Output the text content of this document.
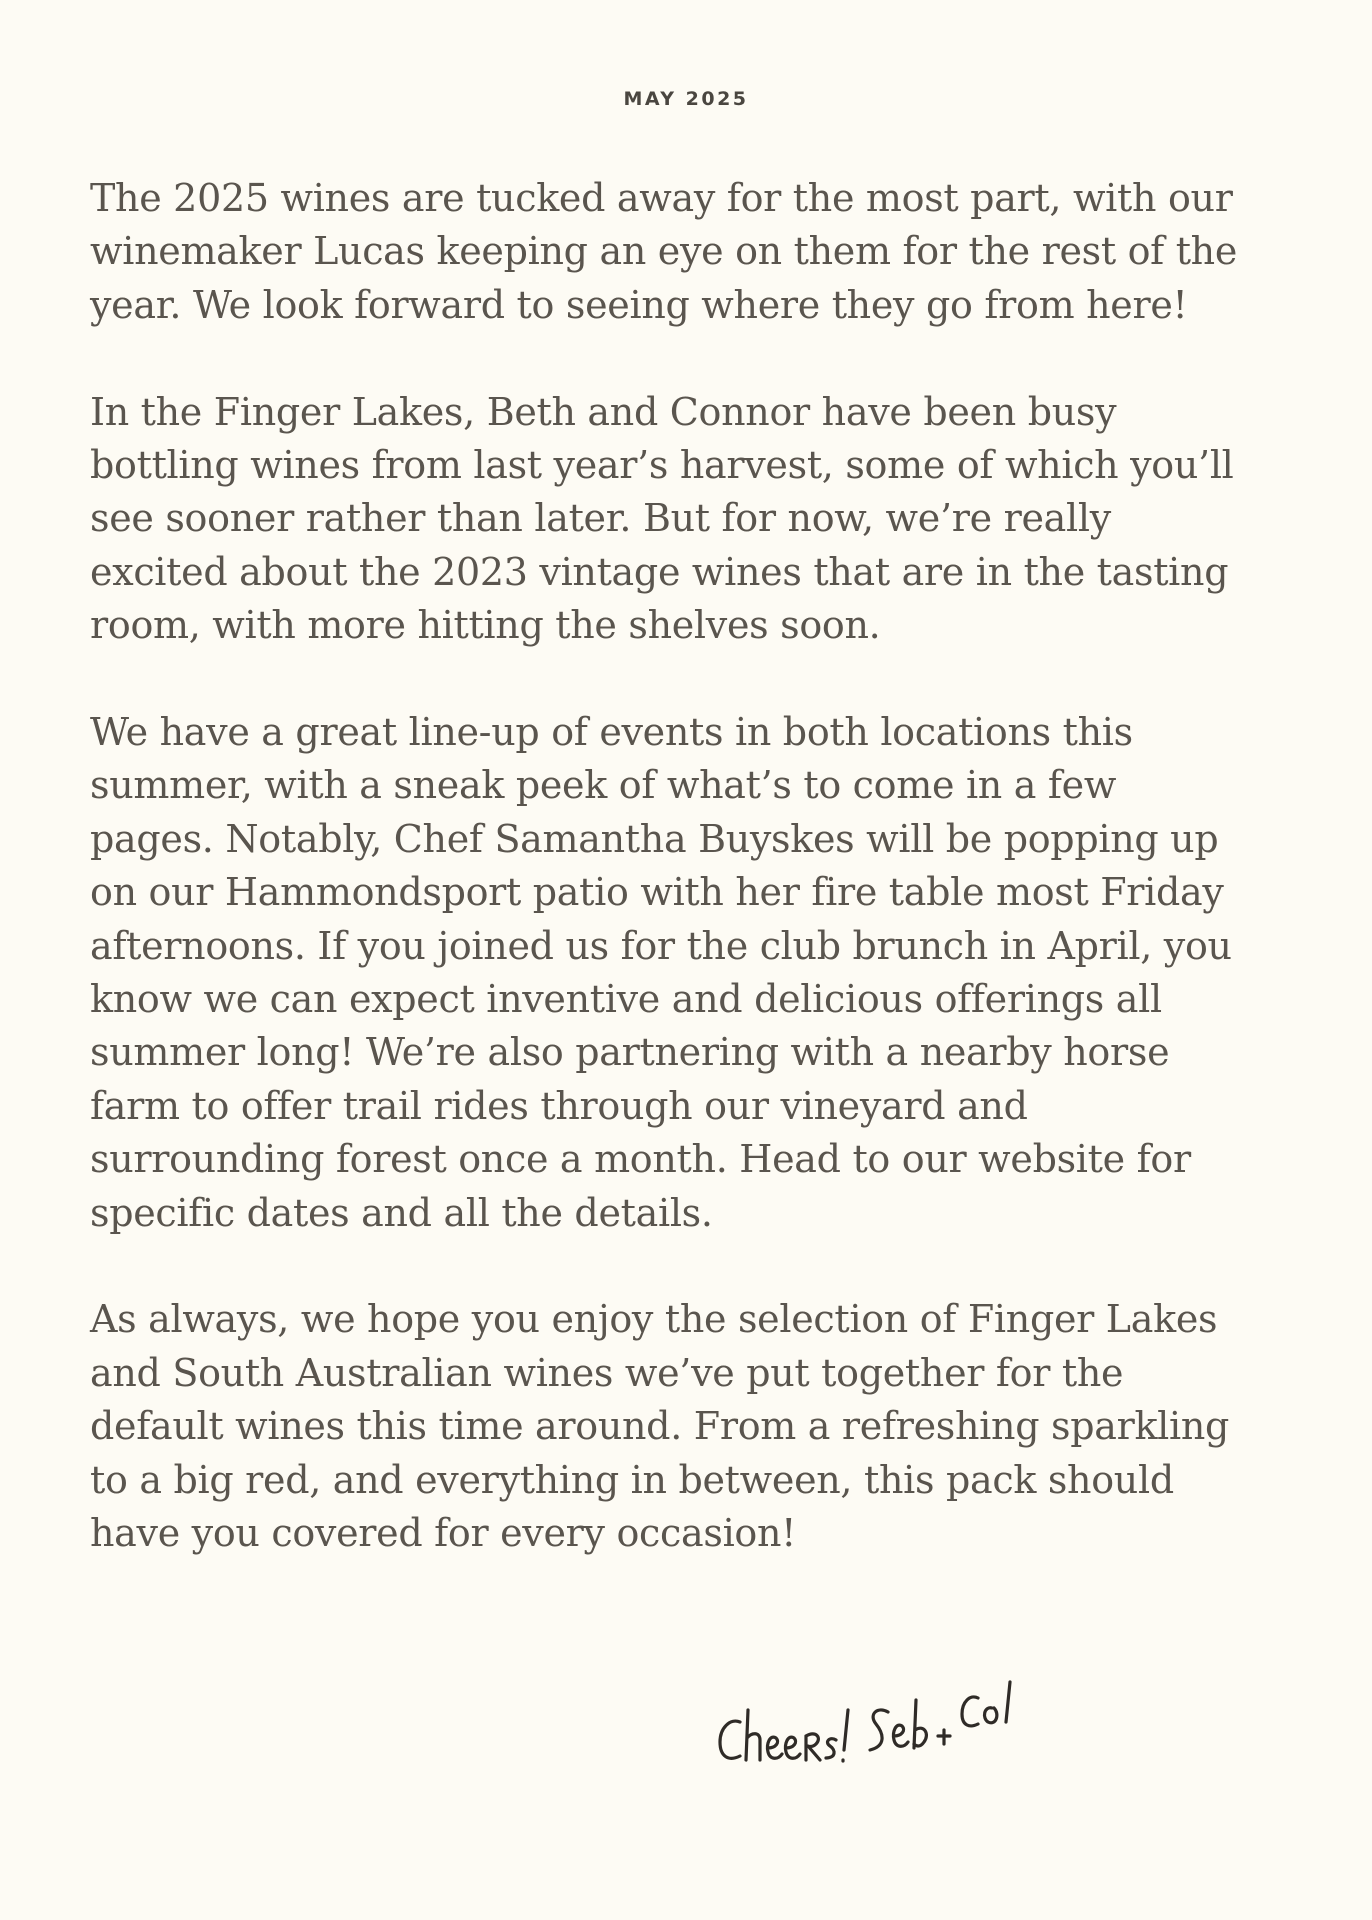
MAY 2025

The 2025 wines are tucked away for the most part, with our winemaker Lucas keeping an eye on them for the rest of the year. We look forward to seeing where they go from here!

In the Finger Lakes, Beth and Connor have been busy bottling wines from last year’s harvest, some of which you’ll see sooner rather than later. But for now, we’re really excited about the 2023 vintage wines that are in the tasting room, with more hitting the shelves soon.

We have a great line-up of events in both locations this summer, with a sneak peek of what’s to come in a few pages. Notably, Chef Samantha Buyskes will be popping up on our Hammondsport patio with her fire table most Friday afternoons. If you joined us for the club brunch in April, you know we can expect inventive and delicious offerings all summer long! We’re also partnering with a nearby horse farm to offer trail rides through our vineyard and surrounding forest once a month. Head to our website for specific dates and all the details.

As always, we hope you enjoy the selection of Finger Lakes and South Australian wines we’ve put together for the default wines this time around. From a refreshing sparkling to a big red, and everything in between, this pack should have you covered for every occasion!
